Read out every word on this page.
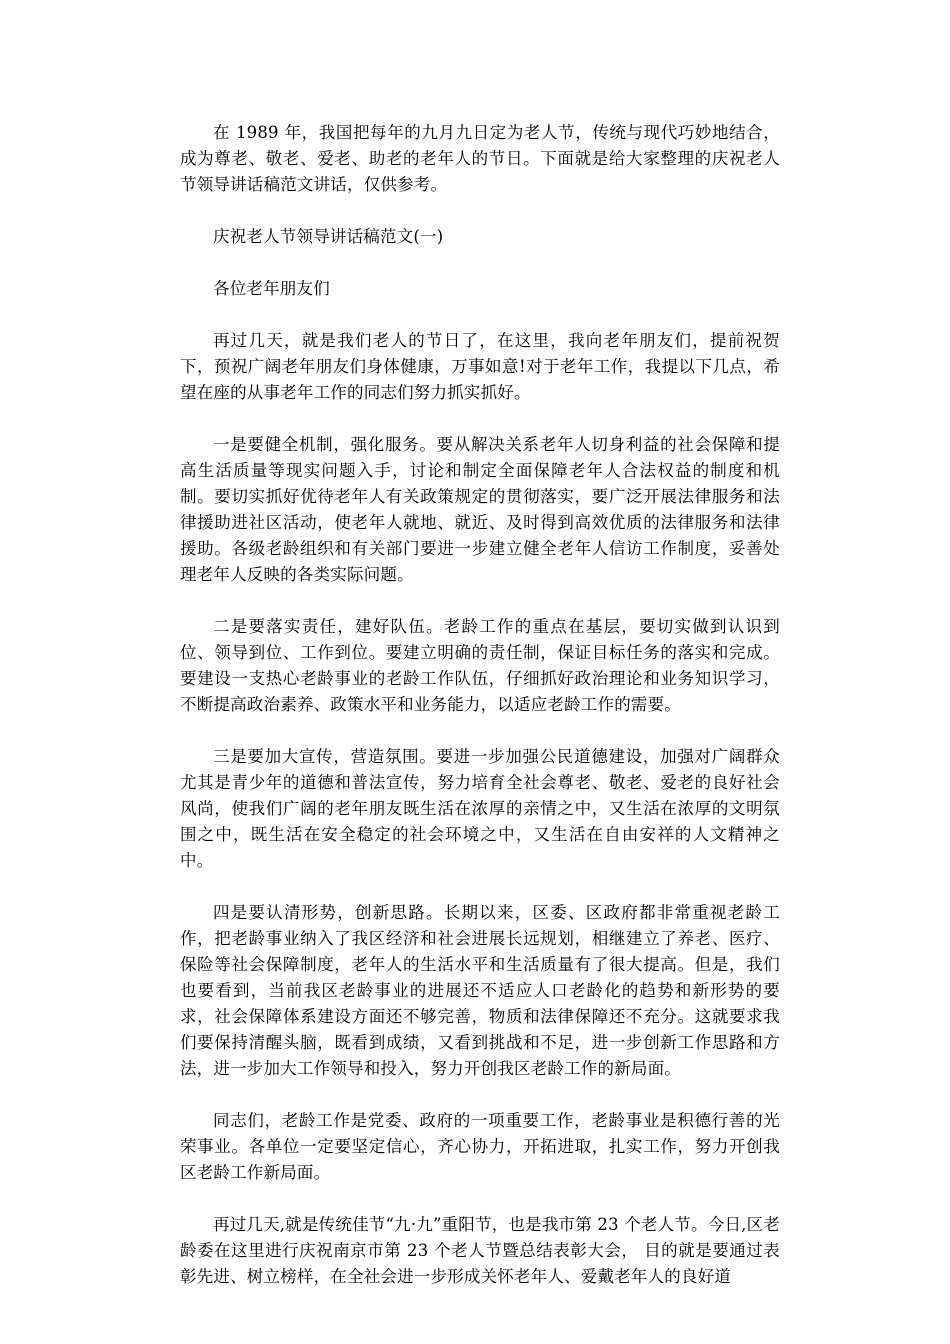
在 1989 年，我国把每年的九月九日定为老人节，传统与现代巧妙地结合，成为尊老、敬老、爱老、助老的老年人的节日。下面就是给大家整理的庆祝老人节领导讲话稿范文讲话，仅供参考。

庆祝老人节领导讲话稿范文(一)

各位老年朋友们

再过几天，就是我们老人的节日了，在这里，我向老年朋友们，提前祝贺下，预祝广阔老年朋友们身体健康，万事如意!对于老年工作，我提以下几点，希望在座的从事老年工作的同志们努力抓实抓好。

一是要健全机制，强化服务。要从解决关系老年人切身利益的社会保障和提高生活质量等现实问题入手，讨论和制定全面保障老年人合法权益的制度和机制。要切实抓好优待老年人有关政策规定的贯彻落实，要广泛开展法律服务和法律援助进社区活动，使老年人就地、就近、及时得到高效优质的法律服务和法律援助。各级老龄组织和有关部门要进一步建立健全老年人信访工作制度，妥善处理老年人反映的各类实际问题。

二是要落实责任，建好队伍。老龄工作的重点在基层，要切实做到认识到位、领导到位、工作到位。要建立明确的责任制，保证目标任务的落实和完成。要建设一支热心老龄事业的老龄工作队伍，仔细抓好政治理论和业务知识学习，不断提高政治素养、政策水平和业务能力，以适应老龄工作的需要。

三是要加大宣传，营造氛围。要进一步加强公民道德建设，加强对广阔群众尤其是青少年的道德和普法宣传，努力培育全社会尊老、敬老、爱老的良好社会风尚，使我们广阔的老年朋友既生活在浓厚的亲情之中，又生活在浓厚的文明氛围之中，既生活在安全稳定的社会环境之中，又生活在自由安祥的人文精神之中。

四是要认清形势，创新思路。长期以来，区委、区政府都非常重视老龄工作，把老龄事业纳入了我区经济和社会进展长远规划，相继建立了养老、医疗、保险等社会保障制度，老年人的生活水平和生活质量有了很大提高。但是，我们也要看到，当前我区老龄事业的进展还不适应人口老龄化的趋势和新形势的要求，社会保障体系建设方面还不够完善，物质和法律保障还不充分。这就要求我们要保持清醒头脑，既看到成绩，又看到挑战和不足，进一步创新工作思路和方法，进一步加大工作领导和投入，努力开创我区老龄工作的新局面。

同志们，老龄工作是党委、政府的一项重要工作，老龄事业是积德行善的光荣事业。各单位一定要坚定信心，齐心协力，开拓进取，扎实工作，努力开创我区老龄工作新局面。

再过几天,就是传统佳节“九·九”重阳节，也是我市第 23 个老人节。今日,区老龄委在这里进行庆祝南京市第 23 个老人节暨总结表彰大会， 目的就是要通过表彰先进、树立榜样，在全社会进一步形成关怀老年人、爱戴老年人的良好道
